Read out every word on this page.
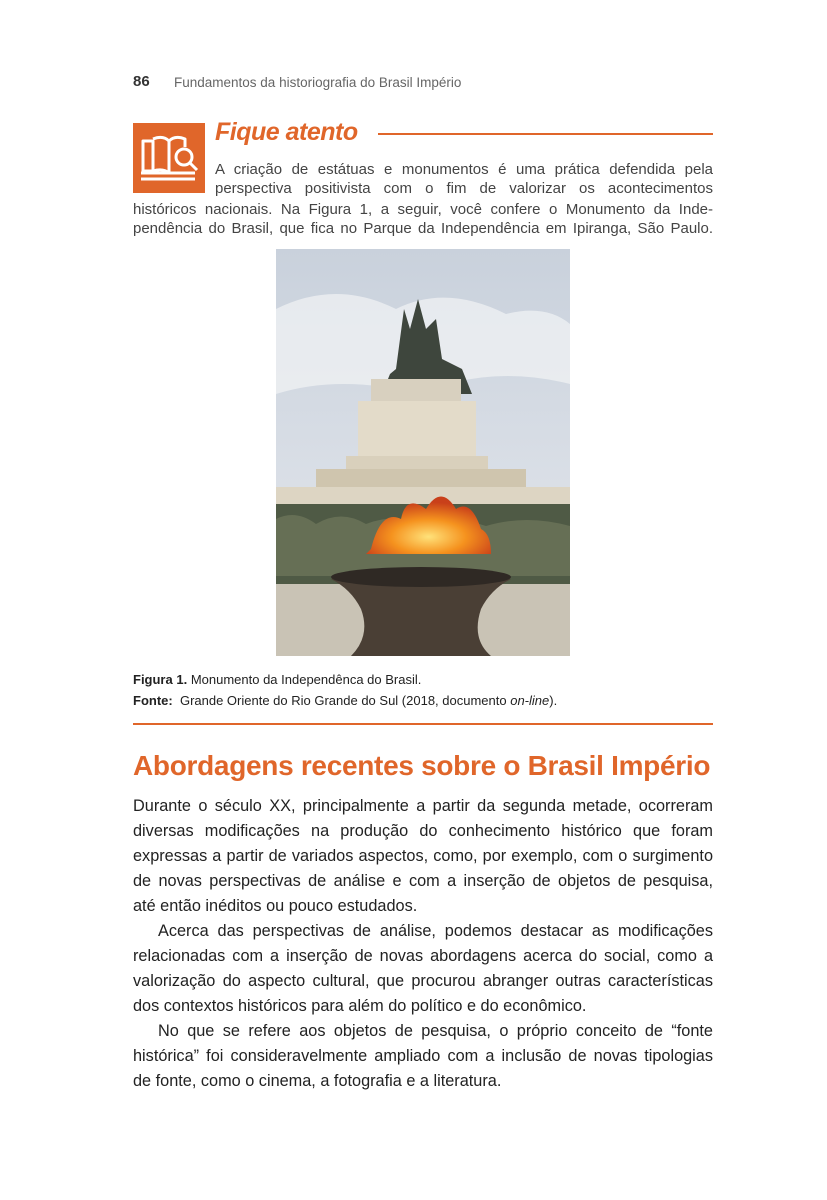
86 Fundamentos da historiografia do Brasil Império
Fique atento
A criação de estátuas e monumentos é uma prática defendida pela
perspectiva positivista com o fim de valorizar os acontecimentos
históricos nacionais. Na Figura 1, a seguir, você confere o Monumento da Inde-
pendência do Brasil, que fica no Parque da Independência em Ipiranga, São Paulo.
Figura 1. Monumento da Independênca do Brasil.
Fonte: Grande Oriente do Rio Grande do Sul (2018, documento on-line).
Abordagens recentes sobre o Brasil Império
Durante o século XX, principalmente a partir da segunda metade, ocorreram
diversas modificações na produção do conhecimento histórico que foram
expressas a partir de variados aspectos, como, por exemplo, com o surgimento
de novas perspectivas de análise e com a inserção de objetos de pesquisa,
até então inéditos ou pouco estudados.
Acerca das perspectivas de análise, podemos destacar as modificações
relacionadas com a inserção de novas abordagens acerca do social, como a
valorização do aspecto cultural, que procurou abranger outras características
dos contextos históricos para além do político e do econômico.
No que se refere aos objetos de pesquisa, o próprio conceito de “fonte
histórica” foi consideravelmente ampliado com a inclusão de novas tipologias
de fonte, como o cinema, a fotografia e a literatura.
